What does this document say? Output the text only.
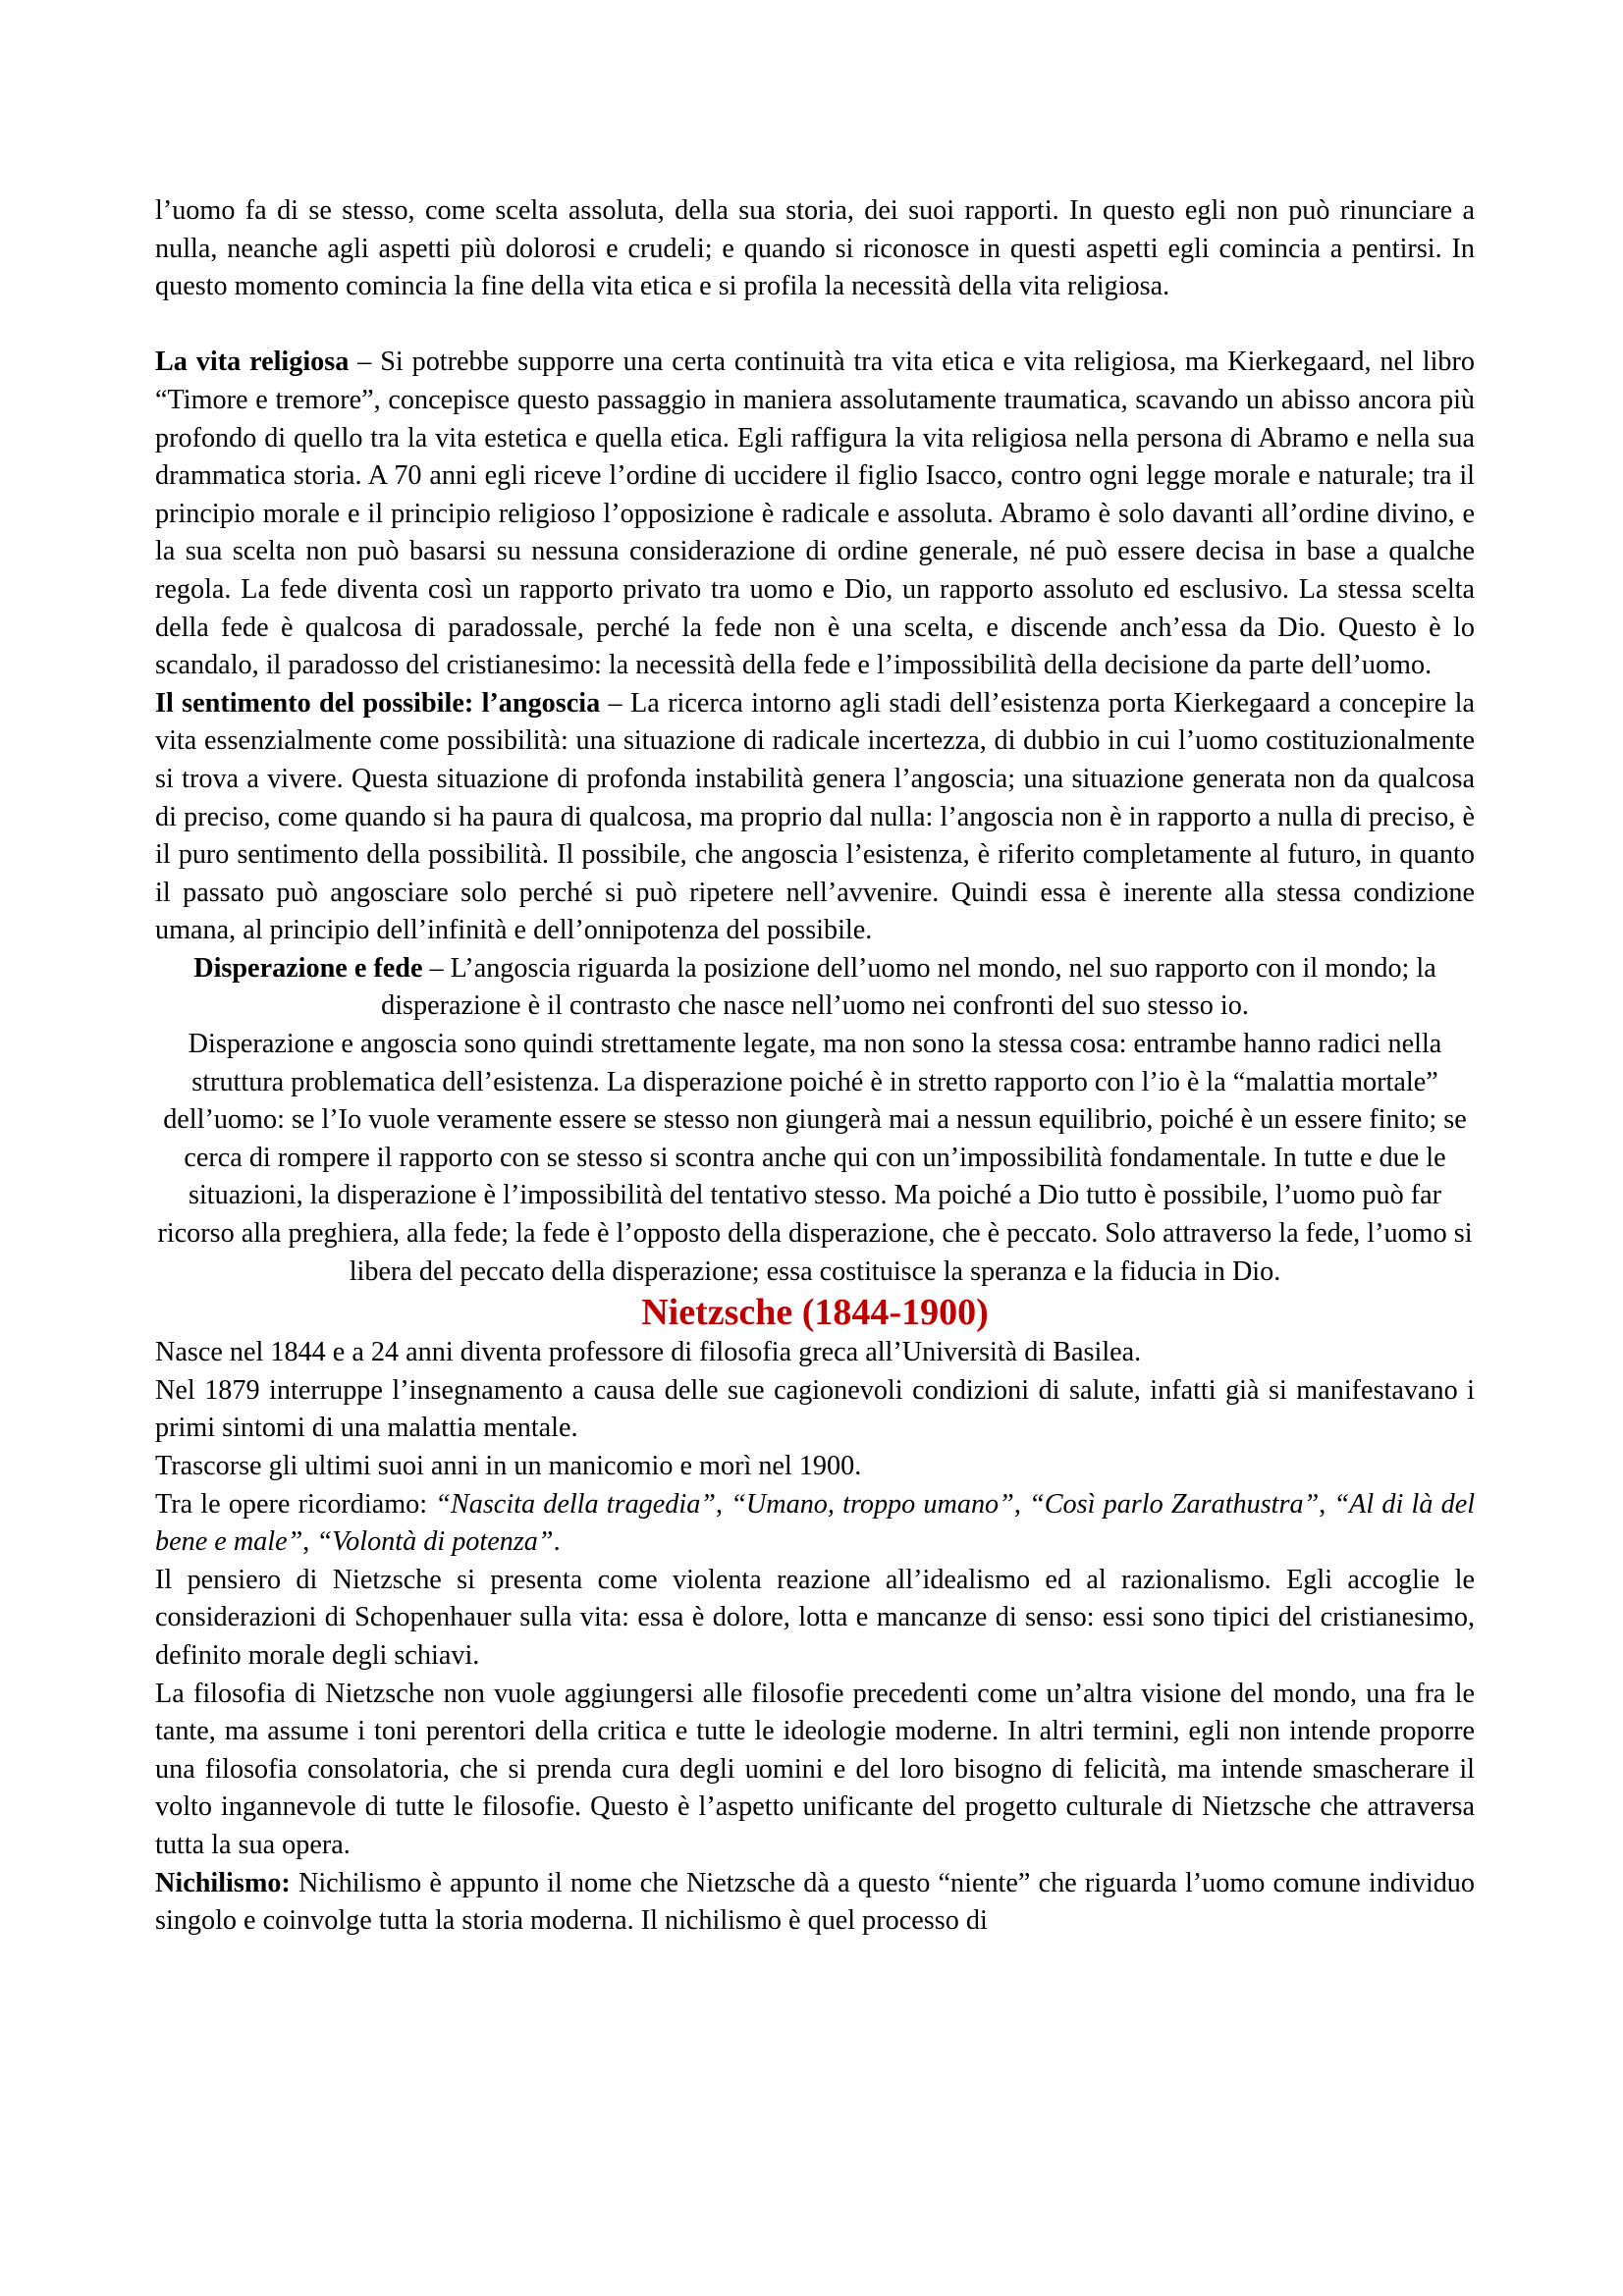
l’uomo fa di se stesso, come scelta assoluta, della sua storia, dei suoi rapporti. In questo egli non può rinunciare a nulla, neanche agli aspetti più dolorosi e crudeli; e quando si riconosce in questi aspetti egli comincia a pentirsi. In questo momento comincia la fine della vita etica e si profila la necessità della vita religiosa.

La vita religiosa – Si potrebbe supporre una certa continuità tra vita etica e vita religiosa, ma Kierkegaard, nel libro “Timore e tremore”, concepisce questo passaggio in maniera assolutamente traumatica, scavando un abisso ancora più profondo di quello tra la vita estetica e quella etica. Egli raffigura la vita religiosa nella persona di Abramo e nella sua drammatica storia. A 70 anni egli riceve l’ordine di uccidere il figlio Isacco, contro ogni legge morale e naturale; tra il principio morale e il principio religioso l’opposizione è radicale e assoluta. Abramo è solo davanti all’ordine divino, e la sua scelta non può basarsi su nessuna considerazione di ordine generale, né può essere decisa in base a qualche regola. La fede diventa così un rapporto privato tra uomo e Dio, un rapporto assoluto ed esclusivo. La stessa scelta della fede è qualcosa di paradossale, perché la fede non è una scelta, e discende anch’essa da Dio. Questo è lo scandalo, il paradosso del cristianesimo: la necessità della fede e l’impossibilità della decisione da parte dell’uomo.

Il sentimento del possibile: l’angoscia – La ricerca intorno agli stadi dell’esistenza porta Kierkegaard a concepire la vita essenzialmente come possibilità: una situazione di radicale incertezza, di dubbio in cui l’uomo costituzionalmente si trova a vivere. Questa situazione di profonda instabilità genera l’angoscia; una situazione generata non da qualcosa di preciso, come quando si ha paura di qualcosa, ma proprio dal nulla: l’angoscia non è in rapporto a nulla di preciso, è il puro sentimento della possibilità. Il possibile, che angoscia l’esistenza, è riferito completamente al futuro, in quanto il passato può angosciare solo perché si può ripetere nell’avvenire. Quindi essa è inerente alla stessa condizione umana, al principio dell’infinità e dell’onnipotenza del possibile.

Disperazione e fede – L’angoscia riguarda la posizione dell’uomo nel mondo, nel suo rapporto con il mondo; la disperazione è il contrasto che nasce nell’uomo nei confronti del suo stesso io.

Disperazione e angoscia sono quindi strettamente legate, ma non sono la stessa cosa: entrambe hanno radici nella struttura problematica dell’esistenza. La disperazione poiché è in stretto rapporto con l’io è la “malattia mortale” dell’uomo: se l’Io vuole veramente essere se stesso non giungerà mai a nessun equilibrio, poiché è un essere finito; se cerca di rompere il rapporto con se stesso si scontra anche qui con un’impossibilità fondamentale. In tutte e due le situazioni, la disperazione è l’impossibilità del tentativo stesso. Ma poiché a Dio tutto è possibile, l’uomo può far ricorso alla preghiera, alla fede; la fede è l’opposto della disperazione, che è peccato. Solo attraverso la fede, l’uomo si libera del peccato della disperazione; essa costituisce la speranza e la fiducia in Dio.

Nietzsche (1844-1900)

Nasce nel 1844 e a 24 anni diventa professore di filosofia greca all’Università di Basilea.

Nel 1879 interruppe l’insegnamento a causa delle sue cagionevoli condizioni di salute, infatti già si manifestavano i primi sintomi di una malattia mentale.

Trascorse gli ultimi suoi anni in un manicomio e morì nel 1900.

Tra le opere ricordiamo: “Nascita della tragedia”, “Umano, troppo umano”, “Così parlo Zarathustra”, “Al di là del bene e male”, “Volontà di potenza”.

Il pensiero di Nietzsche si presenta come violenta reazione all’idealismo ed al razionalismo. Egli accoglie le considerazioni di Schopenhauer sulla vita: essa è dolore, lotta e mancanze di senso: essi sono tipici del cristianesimo, definito morale degli schiavi.

La filosofia di Nietzsche non vuole aggiungersi alle filosofie precedenti come un’altra visione del mondo, una fra le tante, ma assume i toni perentori della critica e tutte le ideologie moderne. In altri termini, egli non intende proporre una filosofia consolatoria, che si prenda cura degli uomini e del loro bisogno di felicità, ma intende smascherare il volto ingannevole di tutte le filosofie. Questo è l’aspetto unificante del progetto culturale di Nietzsche che attraversa tutta la sua opera.

Nichilismo: Nichilismo è appunto il nome che Nietzsche dà a questo “niente” che riguarda l’uomo comune individuo singolo e coinvolge tutta la storia moderna. Il nichilismo è quel processo di
